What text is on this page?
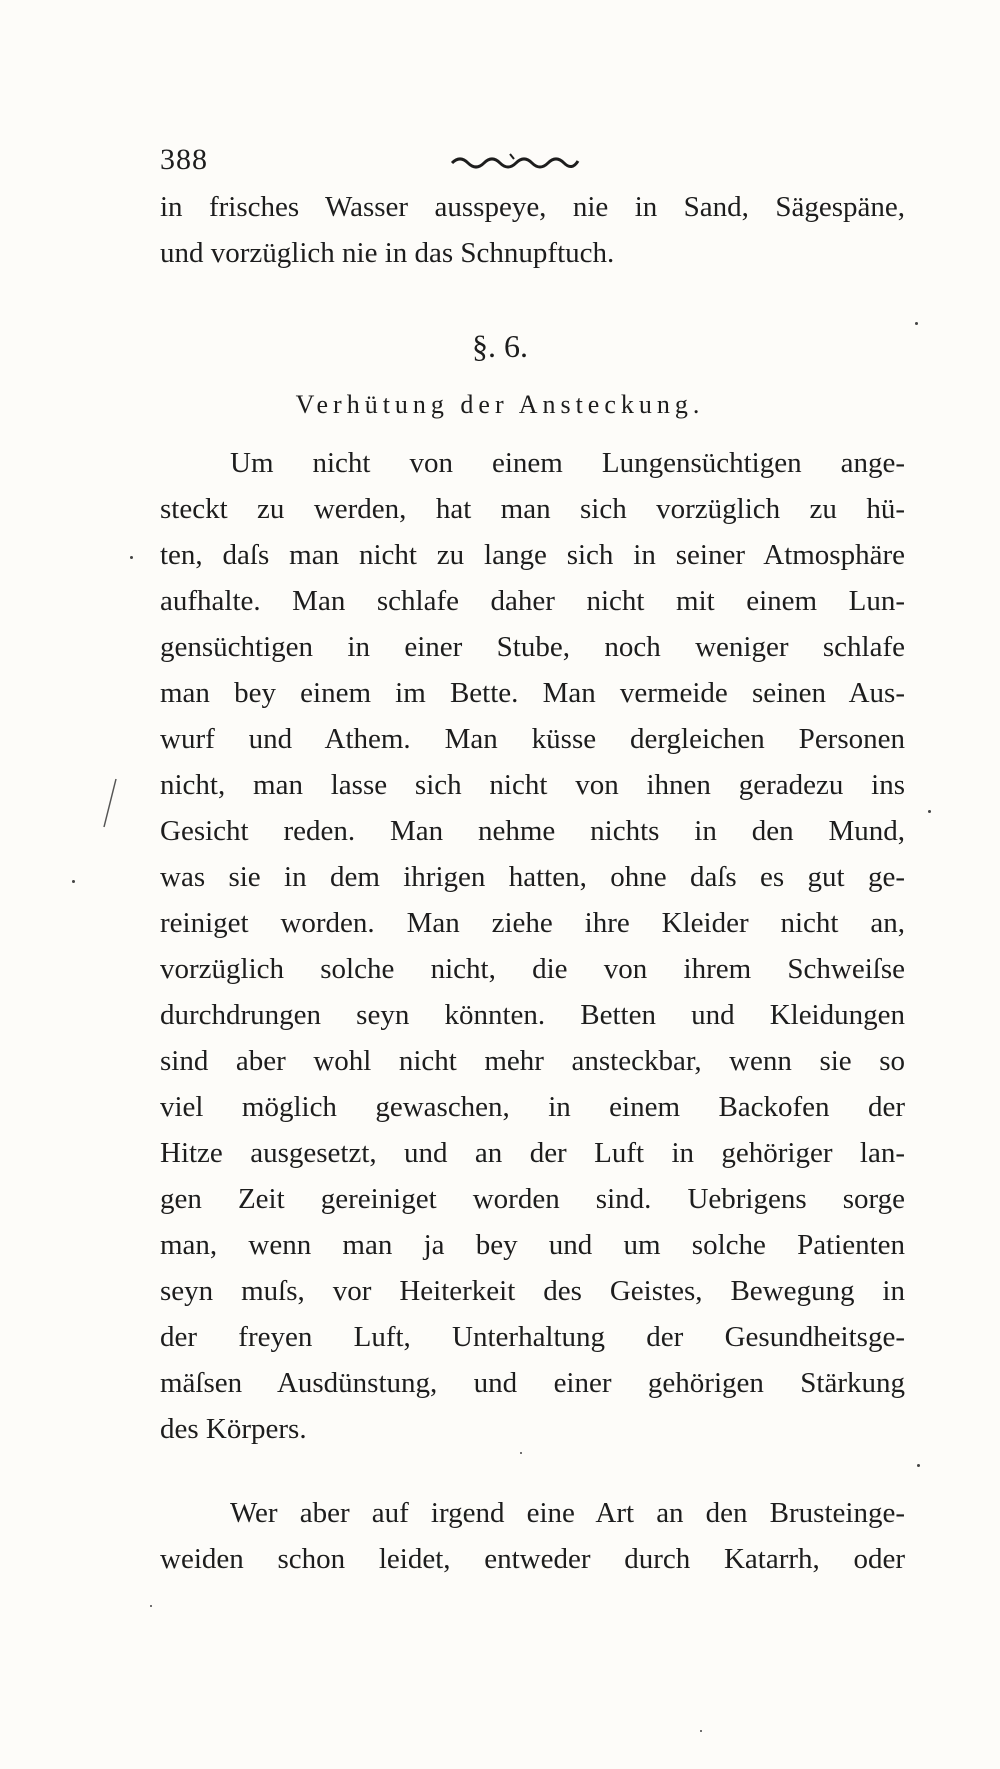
388
in frisches Wasser ausspeye, nie in Sand, Sägespäne,
und vorzüglich nie in das Schnupftuch.
§. 6.
Verhütung der Ansteckung.
Um nicht von einem Lungensüchtigen ange-
steckt zu werden, hat man sich vorzüglich zu hü-
ten, daſs man nicht zu lange sich in seiner Atmosphäre
aufhalte. Man schlafe daher nicht mit einem Lun-
gensüchtigen in einer Stube, noch weniger schlafe
man bey einem im Bette. Man vermeide seinen Aus-
wurf und Athem. Man küsse dergleichen Personen
nicht, man lasse sich nicht von ihnen geradezu ins
Gesicht reden. Man nehme nichts in den Mund,
was sie in dem ihrigen hatten, ohne daſs es gut ge-
reiniget worden. Man ziehe ihre Kleider nicht an,
vorzüglich solche nicht, die von ihrem Schweiſse
durchdrungen seyn könnten. Betten und Kleidungen
sind aber wohl nicht mehr ansteckbar, wenn sie so
viel möglich gewaschen, in einem Backofen der
Hitze ausgesetzt, und an der Luft in gehöriger lan-
gen Zeit gereiniget worden sind. Uebrigens sorge
man, wenn man ja bey und um solche Patienten
seyn muſs, vor Heiterkeit des Geistes, Bewegung in
der freyen Luft, Unterhaltung der Gesundheitsge-
mäſsen Ausdünstung, und einer gehörigen Stärkung
des Körpers.
Wer aber auf irgend eine Art an den Brusteinge-
weiden schon leidet, entweder durch Katarrh, oder
